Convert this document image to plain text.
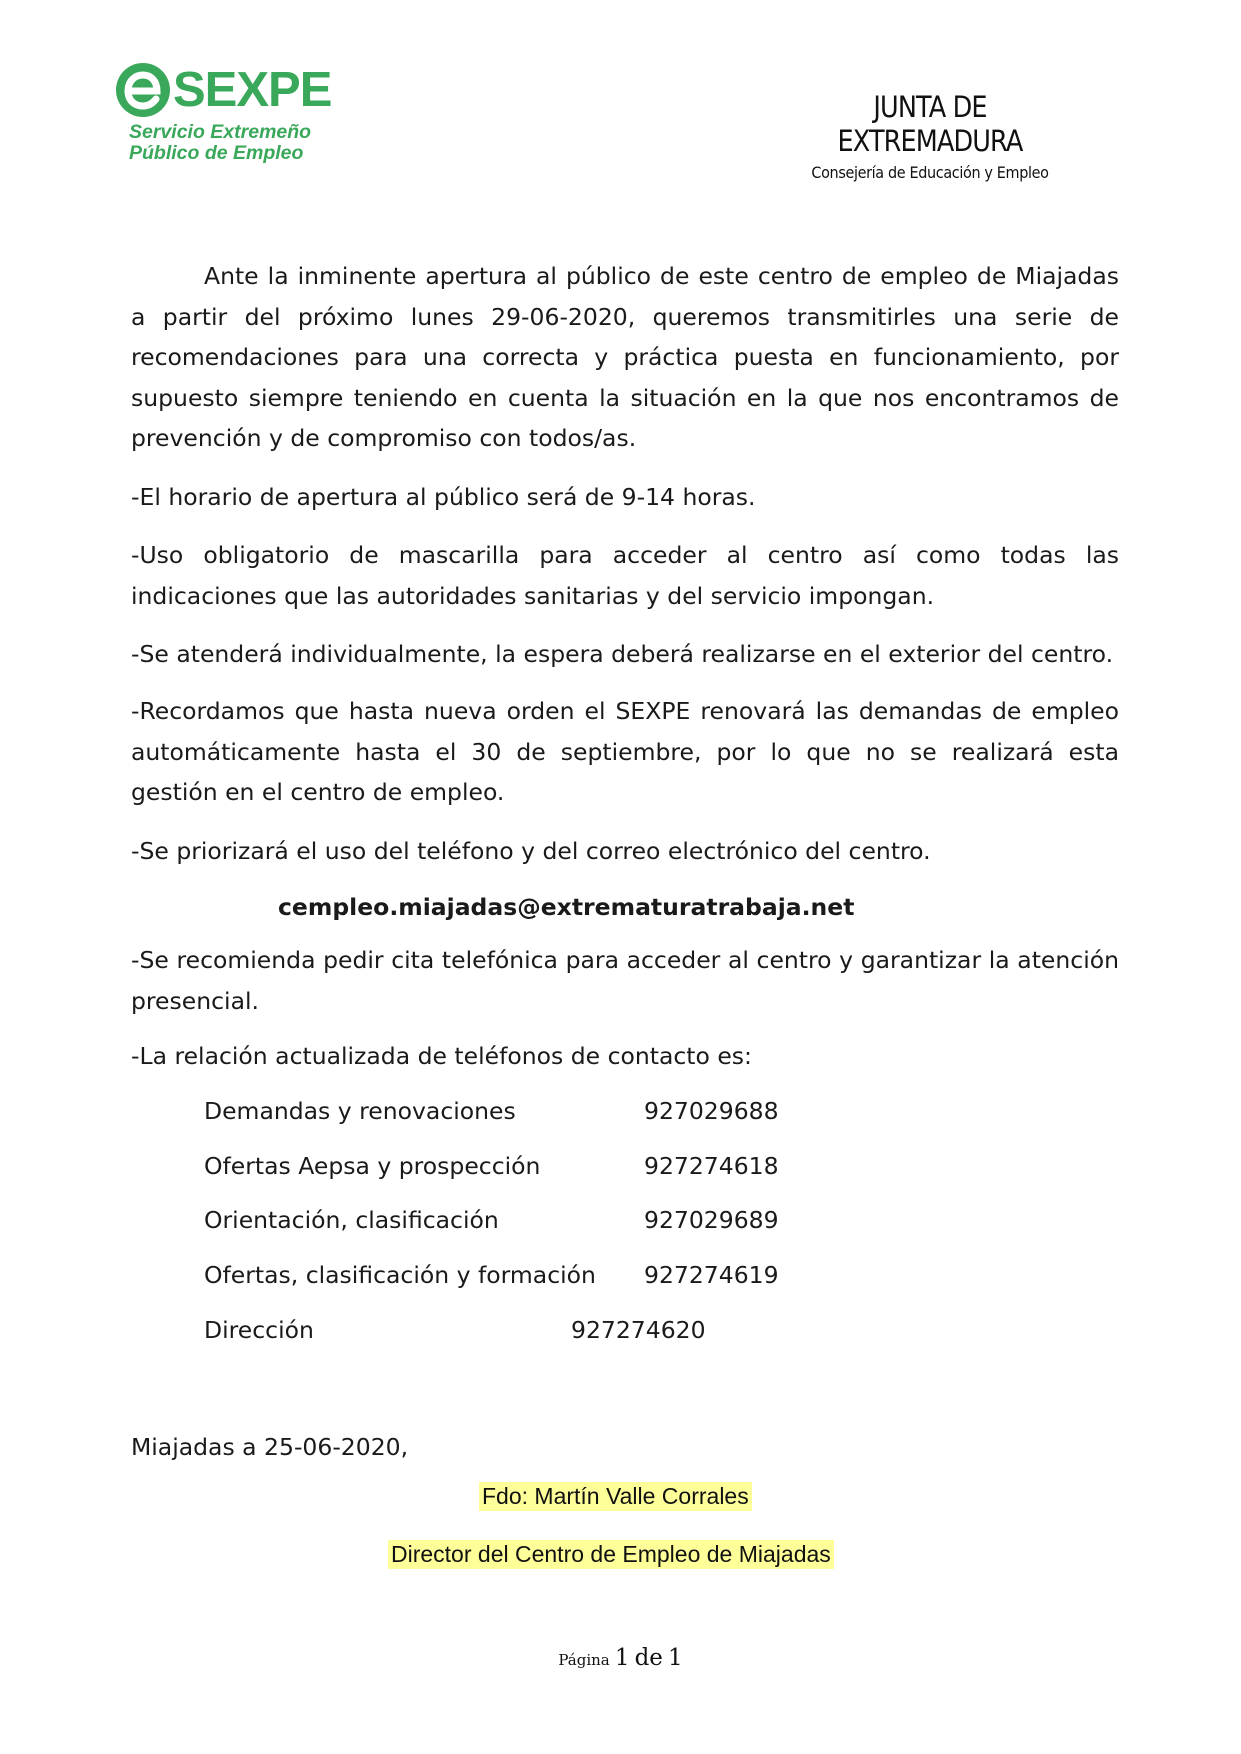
SEXPE
Servicio Extremeño
Público de Empleo
JUNTA DE EXTREMADURA
Consejería de Educación y Empleo

Ante la inminente apertura al público de este centro de empleo de Miajadas a partir del próximo lunes 29-06-2020, queremos transmitirles una serie de recomendaciones para una correcta y práctica puesta en funcionamiento, por supuesto siempre teniendo en cuenta la situación en la que nos encontramos de prevención y de compromiso con todos/as.

-El horario de apertura al público será de 9-14 horas.

-Uso obligatorio de mascarilla para acceder al centro así como todas las indicaciones que las autoridades sanitarias y del servicio impongan.

-Se atenderá individualmente, la espera deberá realizarse en el exterior del centro.

-Recordamos que hasta nueva orden el SEXPE renovará las demandas de empleo automáticamente hasta el 30 de septiembre, por lo que no se realizará esta gestión en el centro de empleo.

-Se priorizará el uso del teléfono y del correo electrónico del centro.

cempleo.miajadas@extrematuratrabaja.net

-Se recomienda pedir cita telefónica para acceder al centro y garantizar la atención presencial.

-La relación actualizada de teléfonos de contacto es:

Demandas y renovaciones	927029688
Ofertas Aepsa y prospección	927274618
Orientación, clasificación	927029689
Ofertas, clasificación y formación 927274619
Dirección	927274620
Miajadas a 25-06-2020,
Fdo: Martín Valle Corrales
Director del Centro de Empleo de Miajadas
Página 1 de 1
